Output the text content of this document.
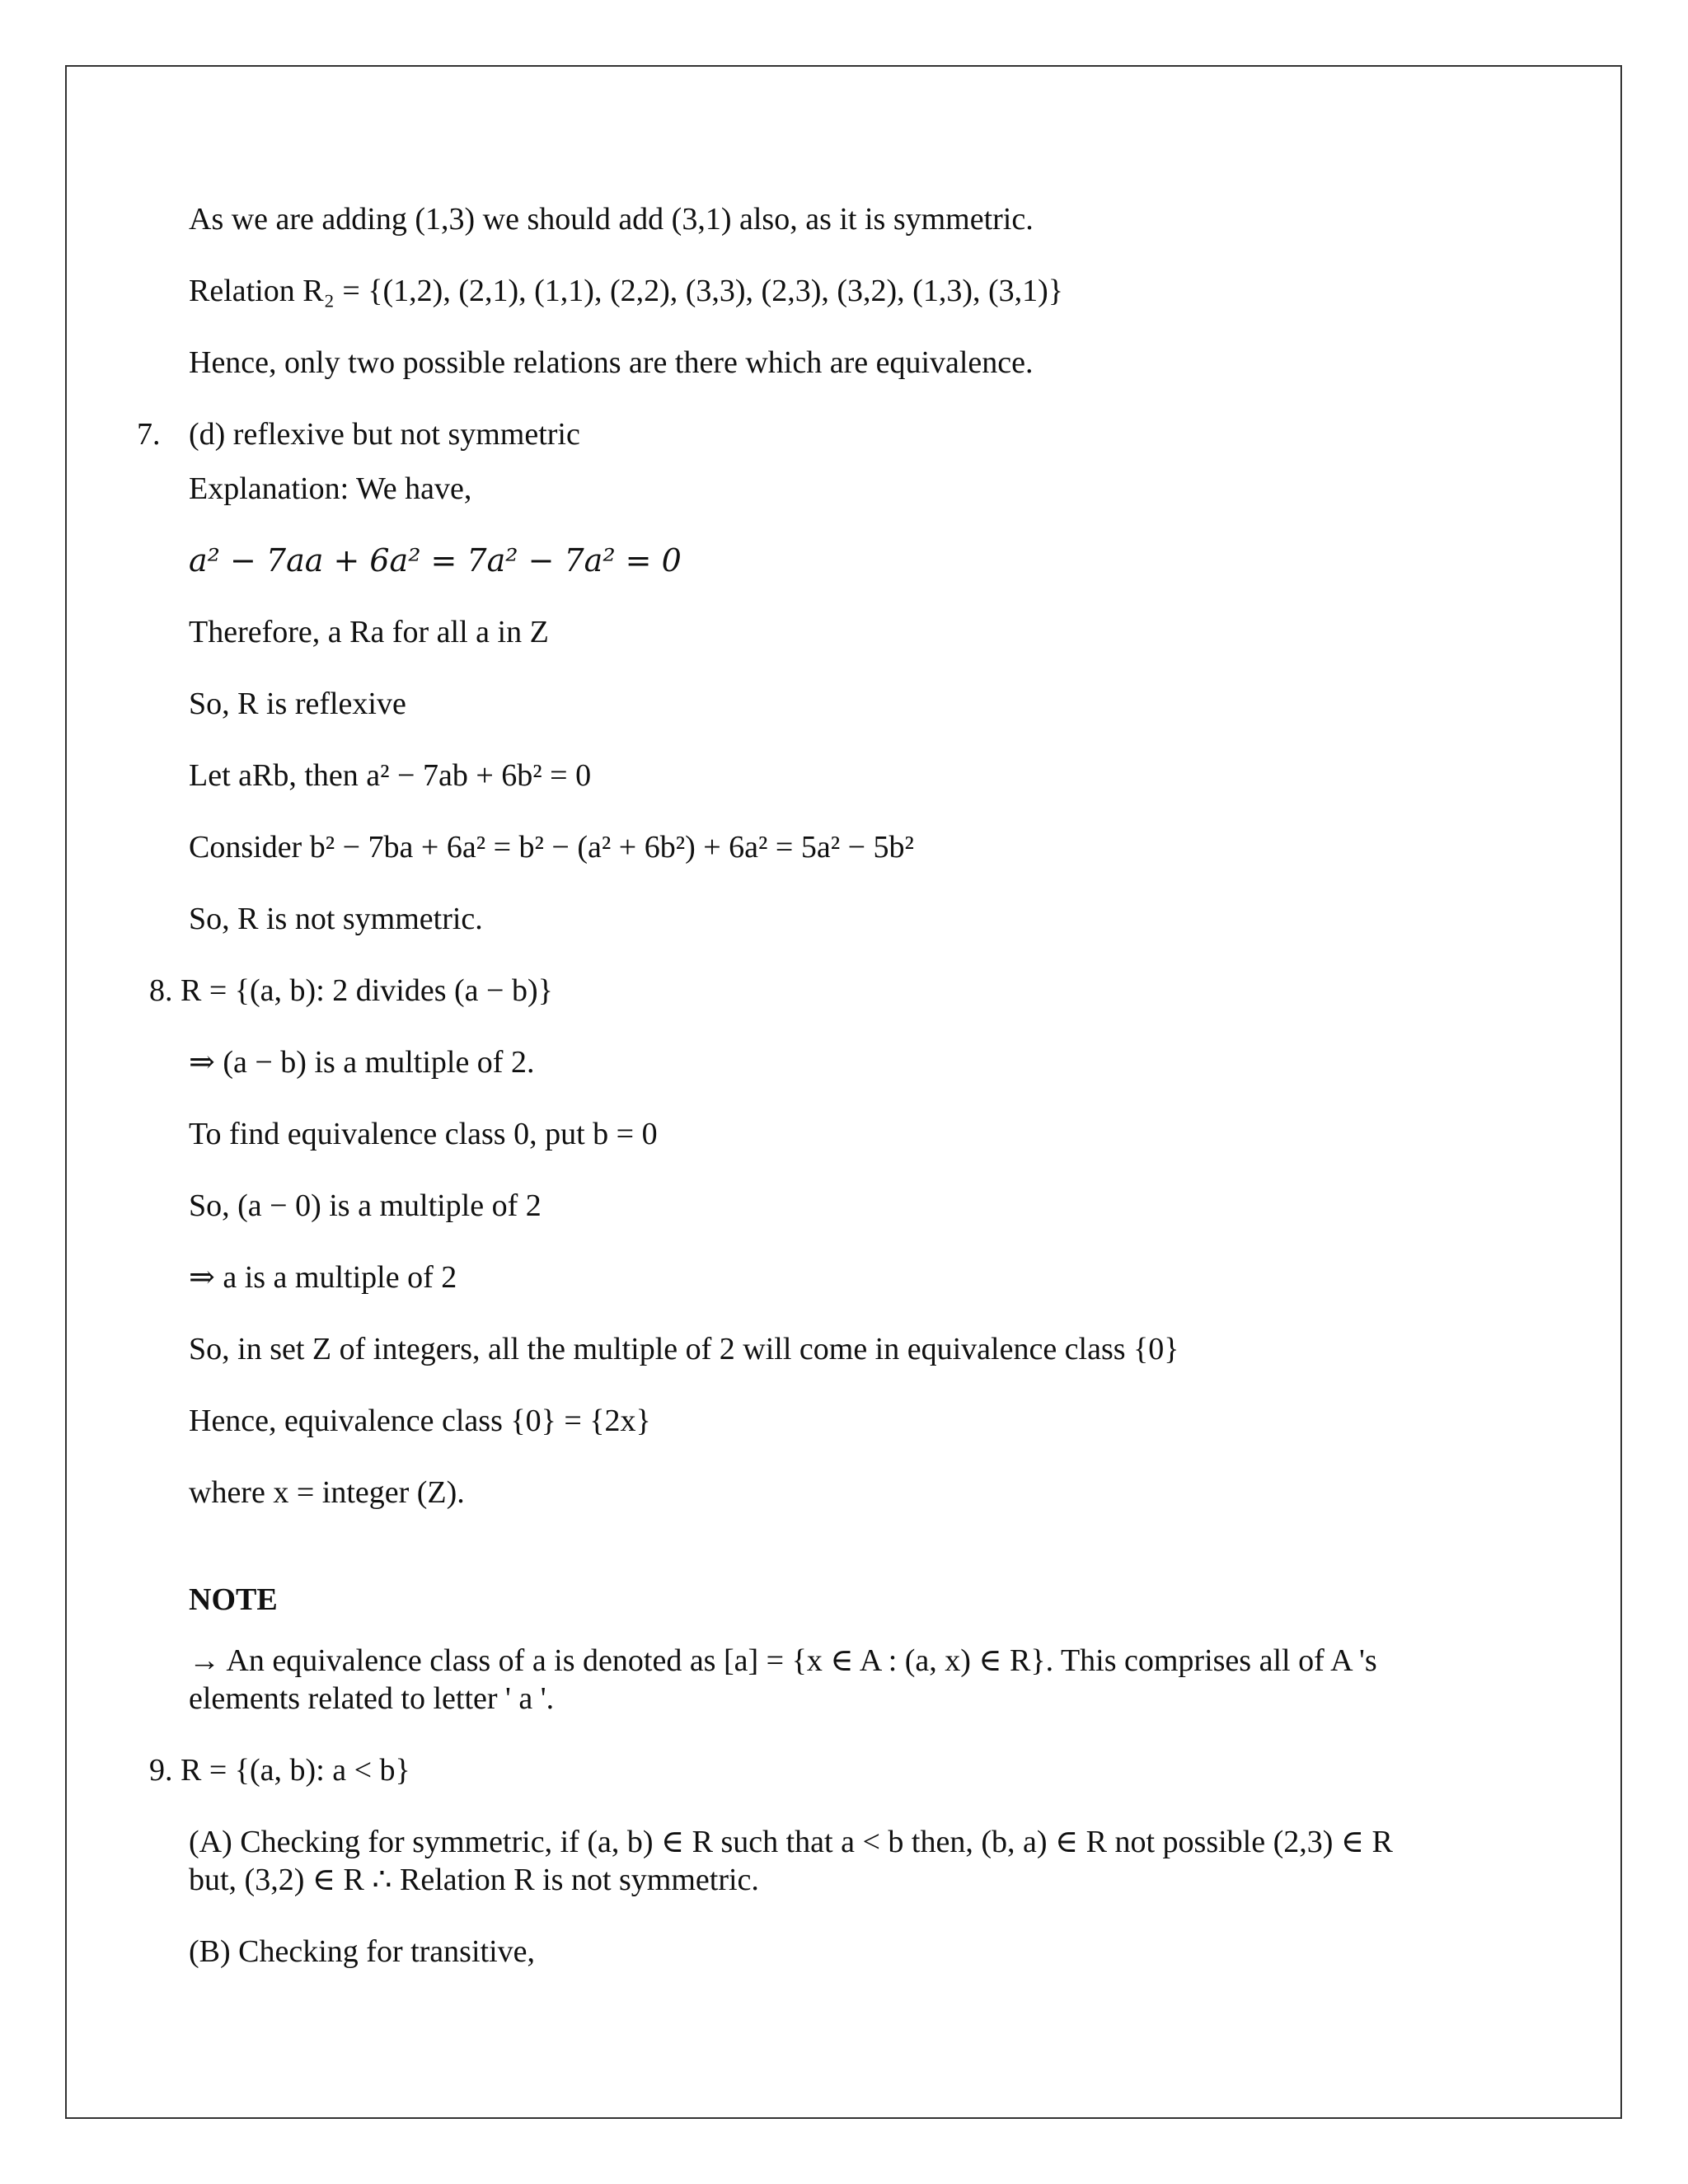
As we are adding (1,3) we should add (3,1) also, as it is symmetric.
Relation R₂ = {(1,2), (2,1), (1,1), (2,2), (3,3), (2,3), (3,2), (1,3), (3,1)}
Hence, only two possible relations are there which are equivalence.
7. (d) reflexive but not symmetric
Explanation: We have,
a² − 7aa + 6a² = 7a² − 7a² = 0
Therefore, a Ra for all a in Z
So, R is reflexive
Let aRb, then a² − 7ab + 6b² = 0
Consider b² − 7ba + 6a² = b² − (a² + 6b²) + 6a² = 5a² − 5b²
So, R is not symmetric.
8. R = {(a, b): 2 divides (a − b)}
⇒ (a − b) is a multiple of 2.
To find equivalence class 0, put b = 0
So, (a − 0) is a multiple of 2
⇒ a is a multiple of 2
So, in set Z of integers, all the multiple of 2 will come in equivalence class {0}
Hence, equivalence class {0} = {2x}
where x = integer (Z).
NOTE
→ An equivalence class of a is denoted as [a] = {x ∈ A : (a, x) ∈ R}. This comprises all of A 's
elements related to letter ' a '.
9. R = {(a, b): a < b}
(A) Checking for symmetric, if (a, b) ∈ R such that a < b then, (b, a) ∈ R not possible (2,3) ∈ R
but, (3,2) ∈ R ∴ Relation R is not symmetric.
(B) Checking for transitive,
